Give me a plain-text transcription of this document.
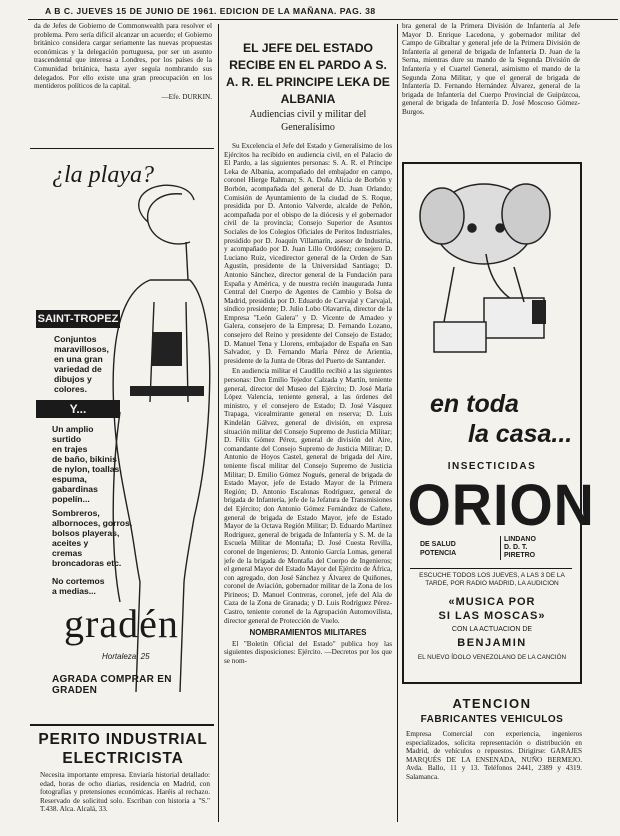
A B C. JUEVES 15 DE JUNIO DE 1961. EDICION DE LA MAÑANA. PAG. 38

da de Jefes de Gobierno de Commonwealth para resolver el problema. Pero sería difícil alcanzar un acuerdo; el Gobierno británico considera cargar seriamente las nuevas propuestas económicas y la delegación portuguesa, por ser un asunto trascendental que interesa a Londres, por los países de la Comunidad británica, hasta ayer seguía nombrando sus delegados. Por ello existe una gran preocupación en los mentideros políticos de la capital.

—Efe. DURKIN.

¿la playa?
SAINT-TROPEZ
Conjuntos
maravillosos,
en una gran
variedad de
dibujos y
colores.
Y...
Un amplio
surtido
en trajes
de baño, bikinis
de nylon, toallas,
espuma,
gabardinas
popelín...
Sombreros,
albornoces, gorros,
bolsos playeras,
aceites y
cremas
broncadoras etc.
No cortemos
a medias...
gradén
Hortaleza, 25
AGRADA COMPRAR EN GRADEN
PERITO INDUSTRIAL ELECTRICISTA
Necesita importante empresa. Enviaría historial detallado: edad, horas de ocho diarias, residencia en Madrid, con fotografías y pretensiones económicas. Haréis al rechazo. Reservado de solicitud solo. Escriban con historia a "S." T.438. Alca. Alcalá, 33.
EL JEFE DEL ESTADO RECIBE EN EL PARDO A S. A. R. EL PRINCIPE LEKA DE ALBANIA
Audiencias civil y militar del Generalísimo

Su Excelencia el Jefe del Estado y Generalísimo de los Ejércitos ha recibido en audiencia civil, en el Palacio de El Pardo, a las siguientes personas: S. A. R. el Príncipe Leka de Albania, acompañado del embajador en campo, coronel Hierge Rahman; S. A. Doña Alicia de Borbón y Borbón, acompañada del general de D. Juan Orlando; Comisión de Ayuntamiento de la ciudad de S. Roque, presidida por D. Antonio Valverde, alcalde de Peñón, acompañada por el obispo de la diócesis y el gobernador civil de la provincia; Consejo Superior de Asuntos Sociales de los Colegios Oficiales de Peritos Industriales, presidido por D. Joaquín Villamarín, asesor de Industria, y acompañado por D. Juan Lillo Ordóñez; consejero D. Luciano Ruiz, vicedirector general de la Orden de San Agustín, presidente de la Universidad Santiago; D. Antonio Sánchez, director general de la Fundación para España y América, y de nuestra recién inaugurada Junta Central del Cuerpo de Agentes de Cambio y Bolsa de Madrid, presidida por D. Eduardo de Carvajal y Carvajal, síndico presidente; D. Julio Lobo Olavarría, director de la Empresa "León Galera" y D. Vicente de Amadeo y Galera, consejero de la Empresa; D. Fernando Lozano, consejero del Reino y presidente del Consejo de Estado; D. Manuel Tena y Llorens, embajador de España en San Salvador, y D. Fernando María Pérez de Arientia, presidente de la Junta de Obras del Puerto de Santander.

En audiencia militar el Caudillo recibió a las siguientes personas: Don Emilio Tejedor Calzada y Martín, teniente general, director del Museo del Ejército; D. José María López Valencia, teniente general, a las órdenes del ministro, y el consejero de Estado; D. José Vásquez Trapaga, vicealmirante general en reserva; D. Luis Kindelán Gálvez, general de división, en expresa situación militar del Consejo Supremo de Justicia Militar; D. Félix Gómez Pérez, general de división del Aire, comandante del Consejo Supremo de Justicia Militar; D. Antonio de Hoyos Castel, general de brigada del Aire, teniente fiscal militar del Consejo Supremo de Justicia Militar; D. Emilio Gómez Nogués, general de brigada de Estado Mayor, jefe de Estado Mayor de la Primera Región; D. Antonio Escalonas Rodríguez, general de brigada de Infantería, jefe de la Jefatura de Transmisiones del Ejército; don Antonio Gómez Fernández de Cañete, general de brigada de Estado Mayor, jefe de Estado Mayor de la Octava Región Militar; D. Eduardo Martínez Rodríguez, general de brigada de Infantería y S. M. de la Escuela Militar de Montaña; D. José Cuesta Revilla, coronel de Ingenieros; D. Antonio García Lomas, general jefe de la brigada de Montaña del Cuerpo de Ingenieros; el general Mayor del Estado Mayor del Ejército de África, con agregado, don José Sánchez y Álvarez de Quiñones, coronel de Aviación, gobernador militar de la Zona de los Pirineos; D. Manuel Contreras, coronel, jefe del Ala de Caza de la Zona de Granada; y D. Luis Rodríguez Pérez-Castro, teniente coronel de la Agrupación Automovilista, director general de Protección de Vuelo.

NOMBRAMIENTOS MILITARES

El "Boletín Oficial del Estado" publica hoy las siguientes disposiciones: Ejército. —Decretos por los que se nom-

bra general de la Primera División de Infantería al Jefe Mayor D. Enrique Lacedona, y gobernador militar del Campo de Gibraltar y general jefe de la Primera División de Infantería al general de brigada de Infantería D. Juan de la Serna, mientras dure su mando de la Segunda División de Infantería y el Cuartel General, asimismo el mando de la Segunda Zona Militar, y que el general de brigada de Infantería D. Fernando Hernández Álvarez, general de la brigada de Infantería del Cuerpo Provincial de Guipúzcoa, general de brigada de Infantería D. José Moscoso Gómez-Burgos.
en toda
la casa...
INSECTICIDAS
ORION
DE SALUD
POTENCIA
LINDANO
D. D. T.
PIRETRO
ESCUCHE TODOS LOS JUEVES, A LAS 3 DE LA TARDE, POR RADIO MADRID, LA AUDICION
«MUSICA POR
SI LAS MOSCAS»
CON LA ACTUACION DE
BENJAMIN
EL NUEVO ÍDOLO VENEZOLANO DE LA CANCIÓN
ATENCION
FABRICANTES VEHICULOS
Empresa Comercial con experiencia, ingenieros especializados, solicita representación o distribución en Madrid, de vehículos o repuestos. Dirigirse: GARAJES MARQUÉS DE LA ENSENADA, NUÑO BERMEJO. Avda. Ballo, 11 y 13. Teléfonos 2441, 2389 y 4319. Salamanca.
